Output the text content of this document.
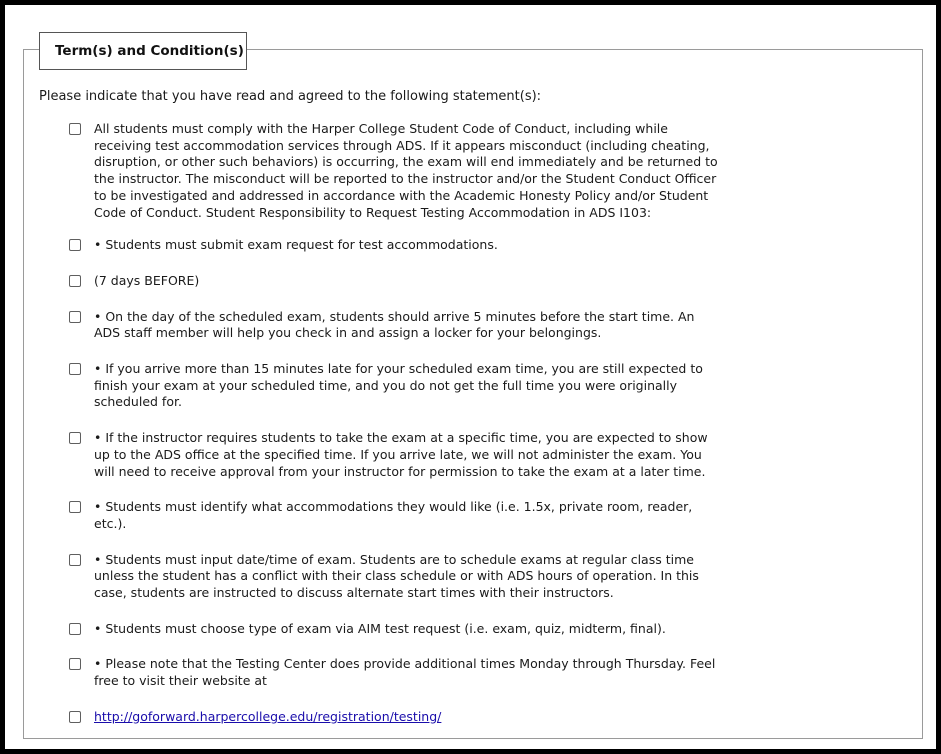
Term(s) and Condition(s)
Please indicate that you have read and agreed to the following statement(s):
All students must comply with the Harper College Student Code of Conduct, including while receiving test accommodation services through ADS. If it appears misconduct (including cheating, disruption, or other such behaviors) is occurring, the exam will end immediately and be returned to the instructor. The misconduct will be reported to the instructor and/or the Student Conduct Officer to be investigated and addressed in accordance with the Academic Honesty Policy and/or Student Code of Conduct. Student Responsibility to Request Testing Accommodation in ADS I103:
• Students must submit exam request for test accommodations.
(7 days BEFORE)
• On the day of the scheduled exam, students should arrive 5 minutes before the start time. An ADS staff member will help you check in and assign a locker for your belongings.
• If you arrive more than 15 minutes late for your scheduled exam time, you are still expected to finish your exam at your scheduled time, and you do not get the full time you were originally scheduled for.
• If the instructor requires students to take the exam at a specific time, you are expected to show up to the ADS office at the specified time. If you arrive late, we will not administer the exam. You will need to receive approval from your instructor for permission to take the exam at a later time.
• Students must identify what accommodations they would like (i.e. 1.5x, private room, reader, etc.).
• Students must input date/time of exam. Students are to schedule exams at regular class time unless the student has a conflict with their class schedule or with ADS hours of operation. In this case, students are instructed to discuss alternate start times with their instructors.
• Students must choose type of exam via AIM test request (i.e. exam, quiz, midterm, final).
• Please note that the Testing Center does provide additional times Monday through Thursday. Feel free to visit their website at
http://goforward.harpercollege.edu/registration/testing/
